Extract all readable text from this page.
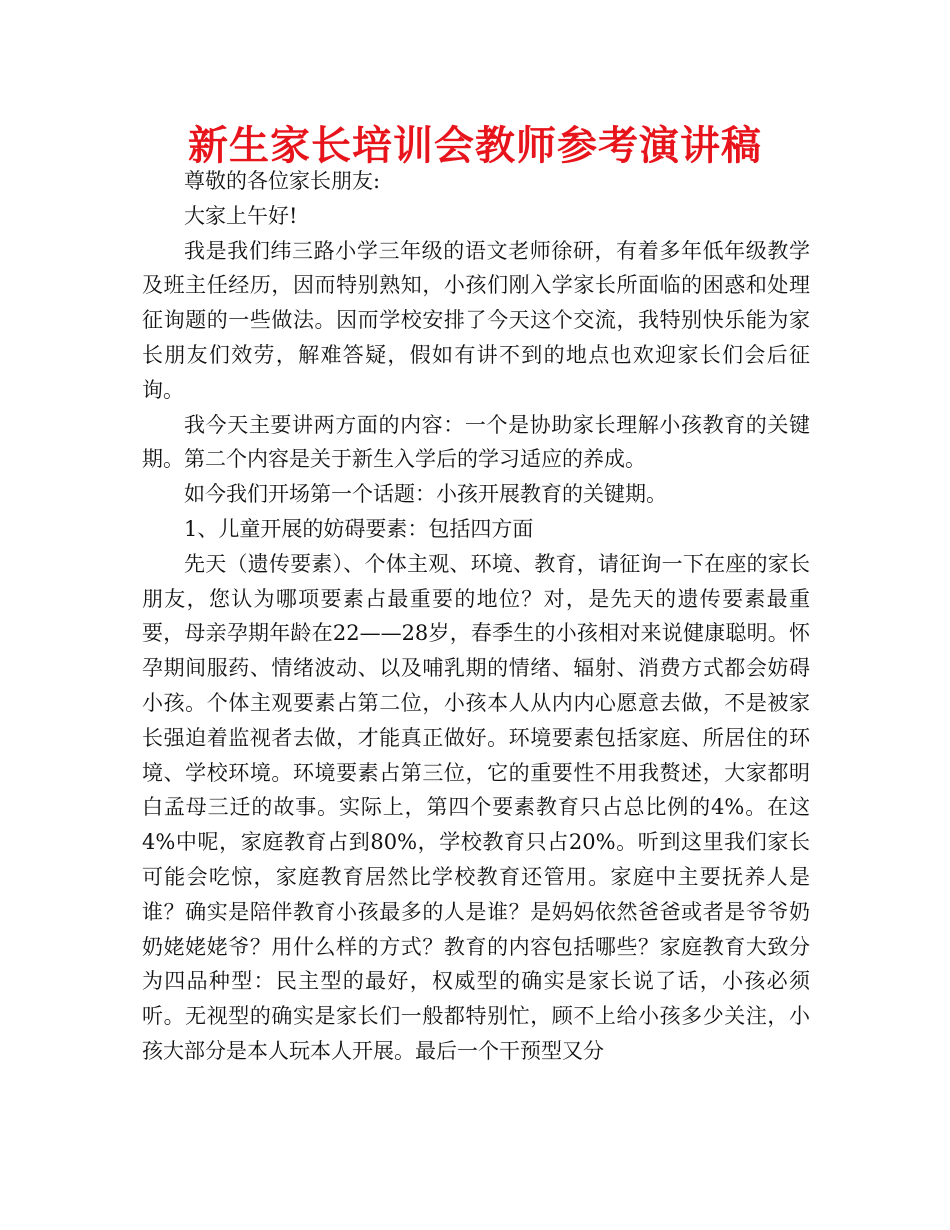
新生家长培训会教师参考演讲稿

尊敬的各位家长朋友:

大家上午好!

我是我们纬三路小学三年级的语文老师徐研，有着多年低年级教学及班主任经历，因而特别熟知，小孩们刚入学家长所面临的困惑和处理征询题的一些做法。因而学校安排了今天这个交流，我特别快乐能为家长朋友们效劳，解难答疑，假如有讲不到的地点也欢迎家长们会后征询。

我今天主要讲两方面的内容：一个是协助家长理解小孩教育的关键期。第二个内容是关于新生入学后的学习适应的养成。

如今我们开场第一个话题：小孩开展教育的关键期。

1、儿童开展的妨碍要素：包括四方面

先天（遗传要素）、个体主观、环境、教育，请征询一下在座的家长朋友，您认为哪项要素占最重要的地位？对，是先天的遗传要素最重要，母亲孕期年龄在22——28岁，春季生的小孩相对来说健康聪明。怀孕期间服药、情绪波动、以及哺乳期的情绪、辐射、消费方式都会妨碍小孩。个体主观要素占第二位，小孩本人从内内心愿意去做，不是被家长强迫着监视者去做，才能真正做好。环境要素包括家庭、所居住的环境、学校环境。环境要素占第三位，它的重要性不用我赘述，大家都明白孟母三迁的故事。实际上，第四个要素教育只占总比例的4%。在这4%中呢，家庭教育占到80%，学校教育只占20%。听到这里我们家长可能会吃惊，家庭教育居然比学校教育还管用。家庭中主要抚养人是谁？确实是陪伴教育小孩最多的人是谁？是妈妈依然爸爸或者是爷爷奶奶姥姥姥爷？用什么样的方式？教育的内容包括哪些？家庭教育大致分为四品种型：民主型的最好，权威型的确实是家长说了话，小孩必须听。无视型的确实是家长们一般都特别忙，顾不上给小孩多少关注，小孩大部分是本人玩本人开展。最后一个干预型又分
